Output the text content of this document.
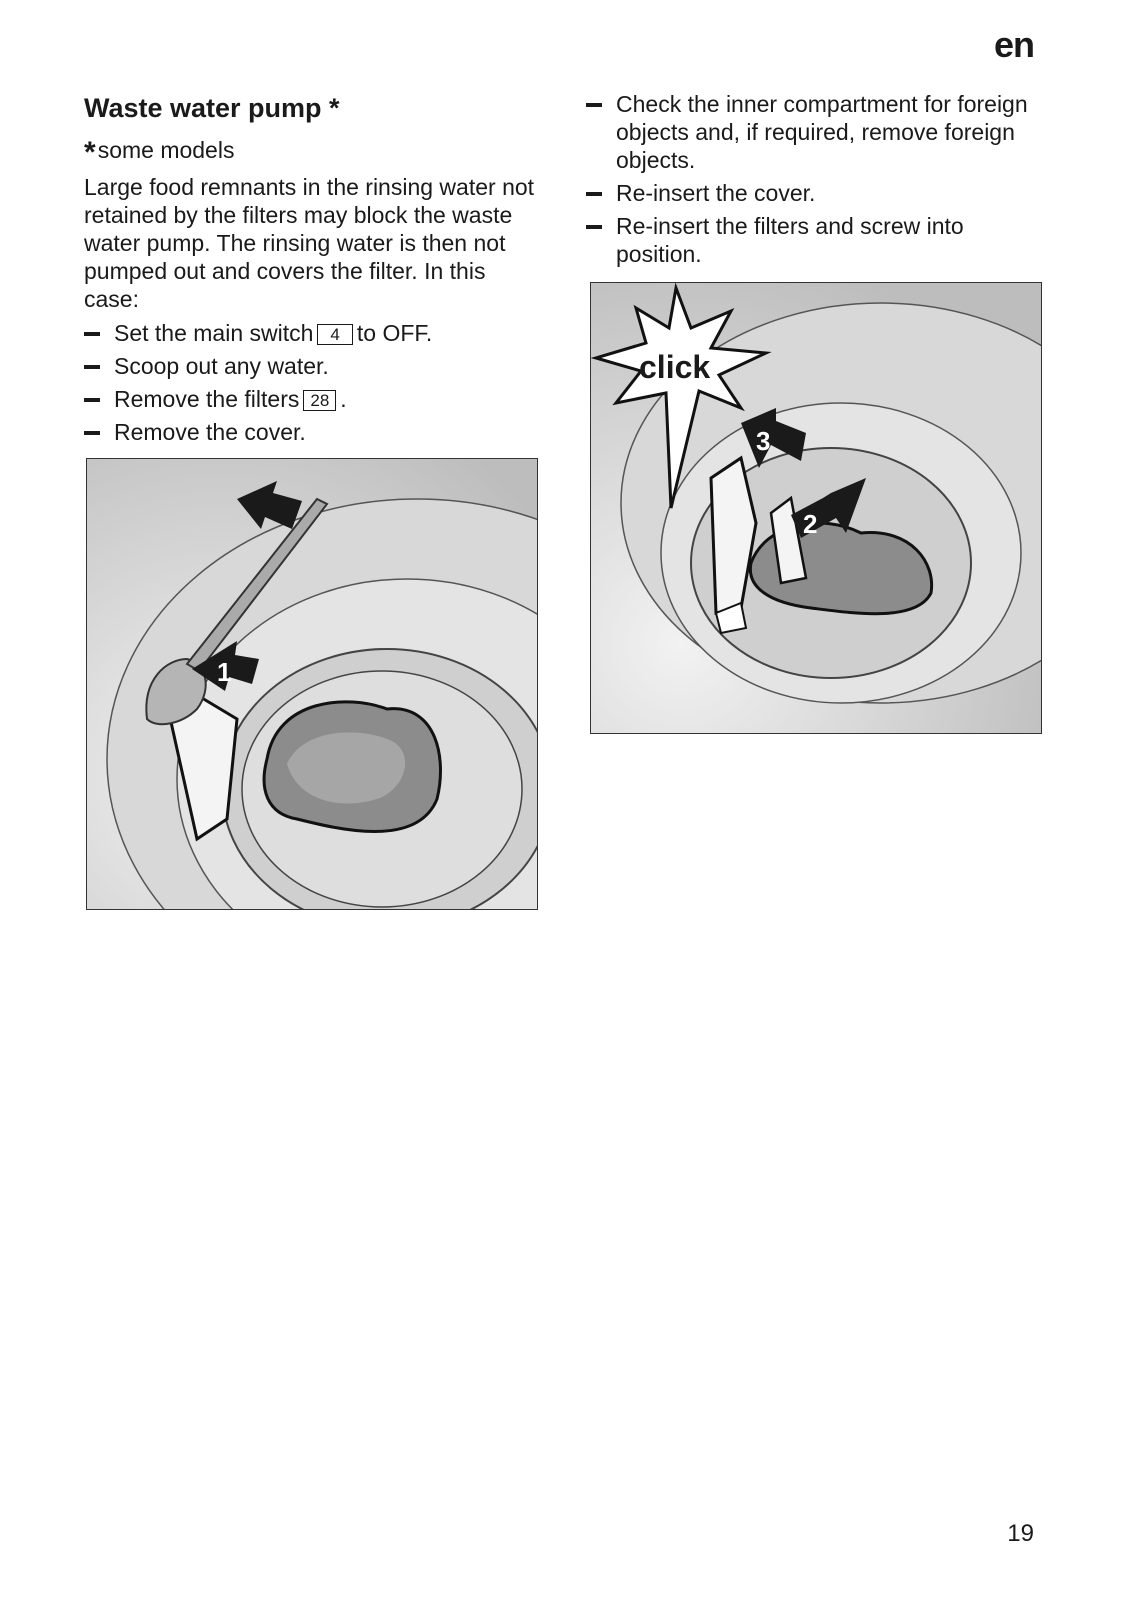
en
Waste water pump *

*some models

Large food remnants in the rinsing water not retained by the filters may block the waste water pump. The rinsing water is then not pumped out and covers the filter. In this case:

Set the main switch 4 to OFF.
Scoop out any water.
Remove the filters 28 .
Remove the cover.
Check the inner compartment for foreign objects and, if required, remove foreign objects.
Re-insert the cover.
Re-insert the filters and screw into position.
1
click
3
2
19
